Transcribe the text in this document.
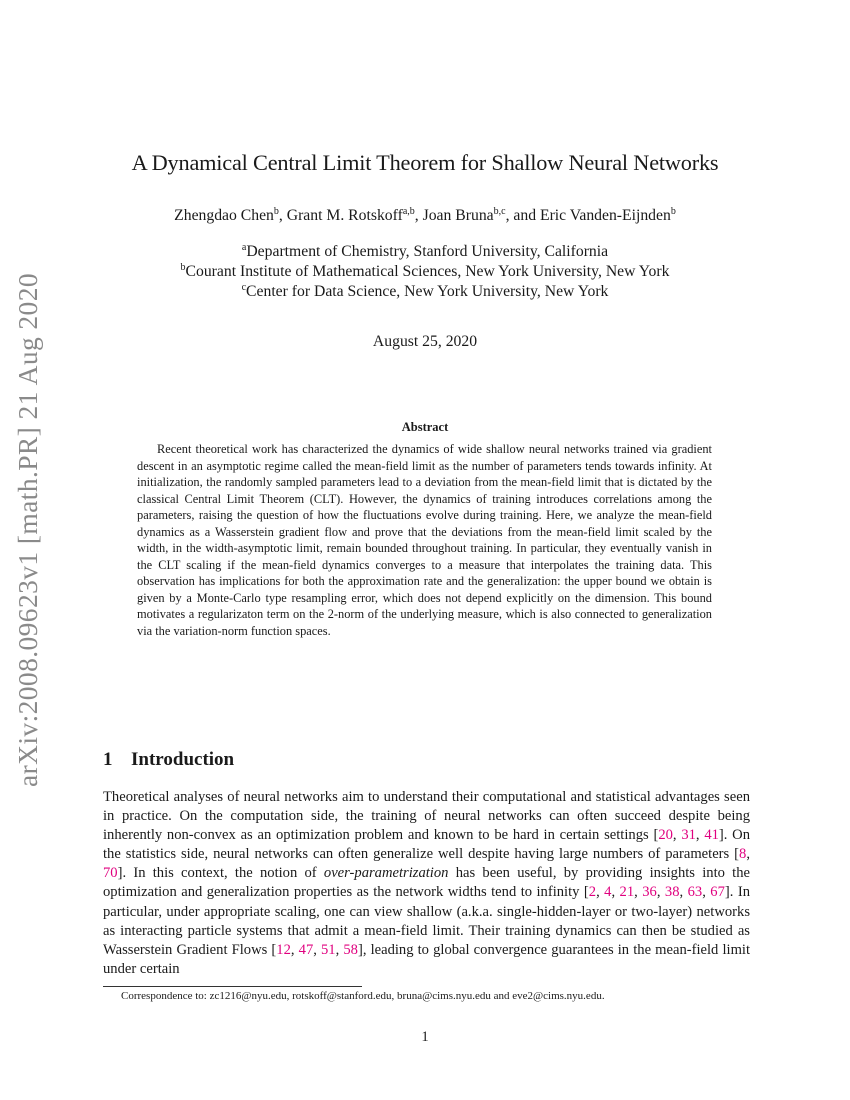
arXiv:2008.09623v1 [math.PR] 21 Aug 2020
A Dynamical Central Limit Theorem for Shallow Neural Networks
Zhengdao Chen$^b$, Grant M. Rotskoff$^{a,b}$, Joan Bruna$^{b,c}$, and Eric Vanden-Eijnden$^b$
$^a$Department of Chemistry, Stanford University, California
$^b$Courant Institute of Mathematical Sciences, New York University, New York
$^c$Center for Data Science, New York University, New York
August 25, 2020
Abstract

Recent theoretical work has characterized the dynamics of wide shallow neural networks trained via gradient descent in an asymptotic regime called the mean-field limit as the number of parameters tends towards infinity. At initialization, the randomly sampled parameters lead to a deviation from the mean-field limit that is dictated by the classical Central Limit Theorem (CLT). However, the dynamics of training introduces correlations among the parameters, raising the question of how the fluctuations evolve during training. Here, we analyze the mean-field dynamics as a Wasserstein gradient flow and prove that the deviations from the mean-field limit scaled by the width, in the width-asymptotic limit, remain bounded throughout training. In particular, they eventually vanish in the CLT scaling if the mean-field dynamics converges to a measure that interpolates the training data. This observation has implications for both the approximation rate and the generalization: the upper bound we obtain is given by a Monte-Carlo type resampling error, which does not depend explicitly on the dimension. This bound motivates a regularizaton term on the 2-norm of the underlying measure, which is also connected to generalization via the variation-norm function spaces.

1 Introduction

Theoretical analyses of neural networks aim to understand their computational and statistical advantages seen in practice. On the computation side, the training of neural networks can often succeed despite being inherently non-convex as an optimization problem and known to be hard in certain settings [20, 31, 41]. On the statistics side, neural networks can often generalize well despite having large numbers of parameters [8, 70]. In this context, the notion of over-parametrization has been useful, by providing insights into the optimization and generalization properties as the network widths tend to infinity [2, 4, 21, 36, 38, 63, 67]. In particular, under appropriate scaling, one can view shallow (a.k.a. single-hidden-layer or two-layer) networks as interacting particle systems that admit a mean-field limit. Their training dynamics can then be studied as Wasserstein Gradient Flows [12, 47, 51, 58], leading to global convergence guarantees in the mean-field limit under certain

Correspondence to: zc1216@nyu.edu, rotskoff@stanford.edu, bruna@cims.nyu.edu and eve2@cims.nyu.edu.
1
